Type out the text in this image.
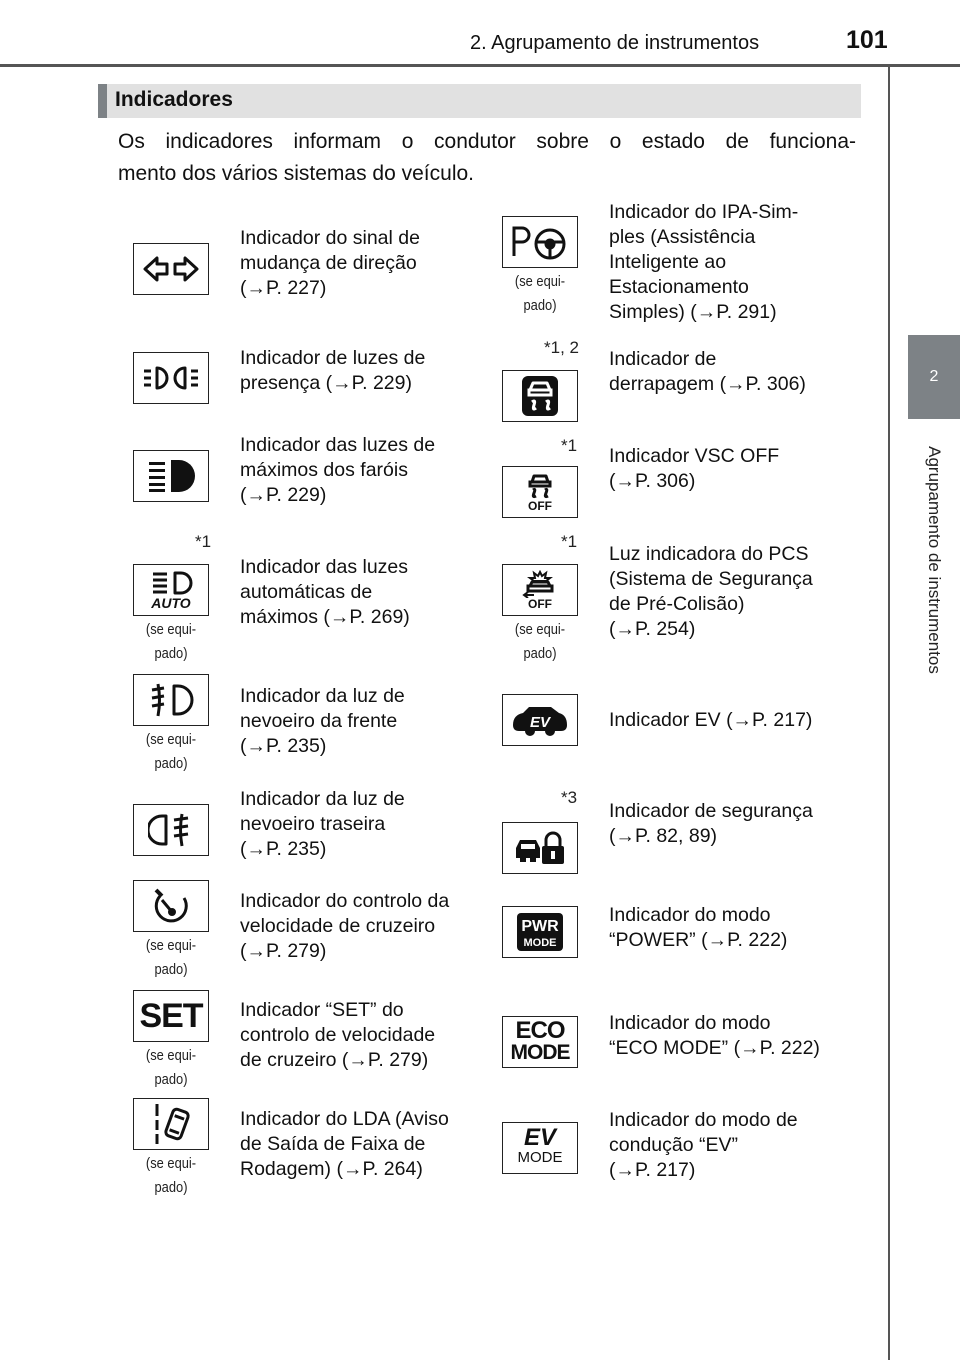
2. Agrupamento de instrumentos	101
2
Agrupamento de instrumentos
Indicadores
Os indicadores informam o condutor sobre o estado de funciona-
mento dos vários sistemas do veículo.
Indicador do sinal de
mudança de direção
(→P. 227)
Indicador de luzes de
presença (→P. 229)
Indicador das luzes de
máximos dos faróis
(→P. 229)
*1
AUTO
(se equi-
pado)
Indicador das luzes
automáticas de
máximos (→P. 269)
(se equi-
pado)
Indicador da luz de
nevoeiro da frente
(→P. 235)
Indicador da luz de
nevoeiro traseira
(→P. 235)
(se equi-
pado)
Indicador do controlo da
velocidade de cruzeiro
(→P. 279)
SET
(se equi-
pado)
Indicador “SET” do
controlo de velocidade
de cruzeiro (→P. 279)
(se equi-
pado)
Indicador do LDA (Aviso
de Saída de Faixa de
Rodagem) (→P. 264)
(se equi-
pado)
Indicador do IPA-Sim-
ples (Assistência
Inteligente ao
Estacionamento
Simples) (→P. 291)
*1, 2
Indicador de
derrapagem (→P. 306)
*1
OFF
Indicador VSC OFF
(→P. 306)
*1
OFF
(se equi-
pado)
Luz indicadora do PCS
(Sistema de Segurança
de Pré-Colisão)
(→P. 254)
EV	Indicador EV (→P. 217)
*3
Indicador de segurança
(→P. 82, 89)
PWR
MODE
Indicador do modo
“POWER” (→P. 222)
ECO
MODE
Indicador do modo
“ECO MODE” (→P. 222)
EV
MODE
Indicador do modo de
condução “EV”
(→P. 217)
